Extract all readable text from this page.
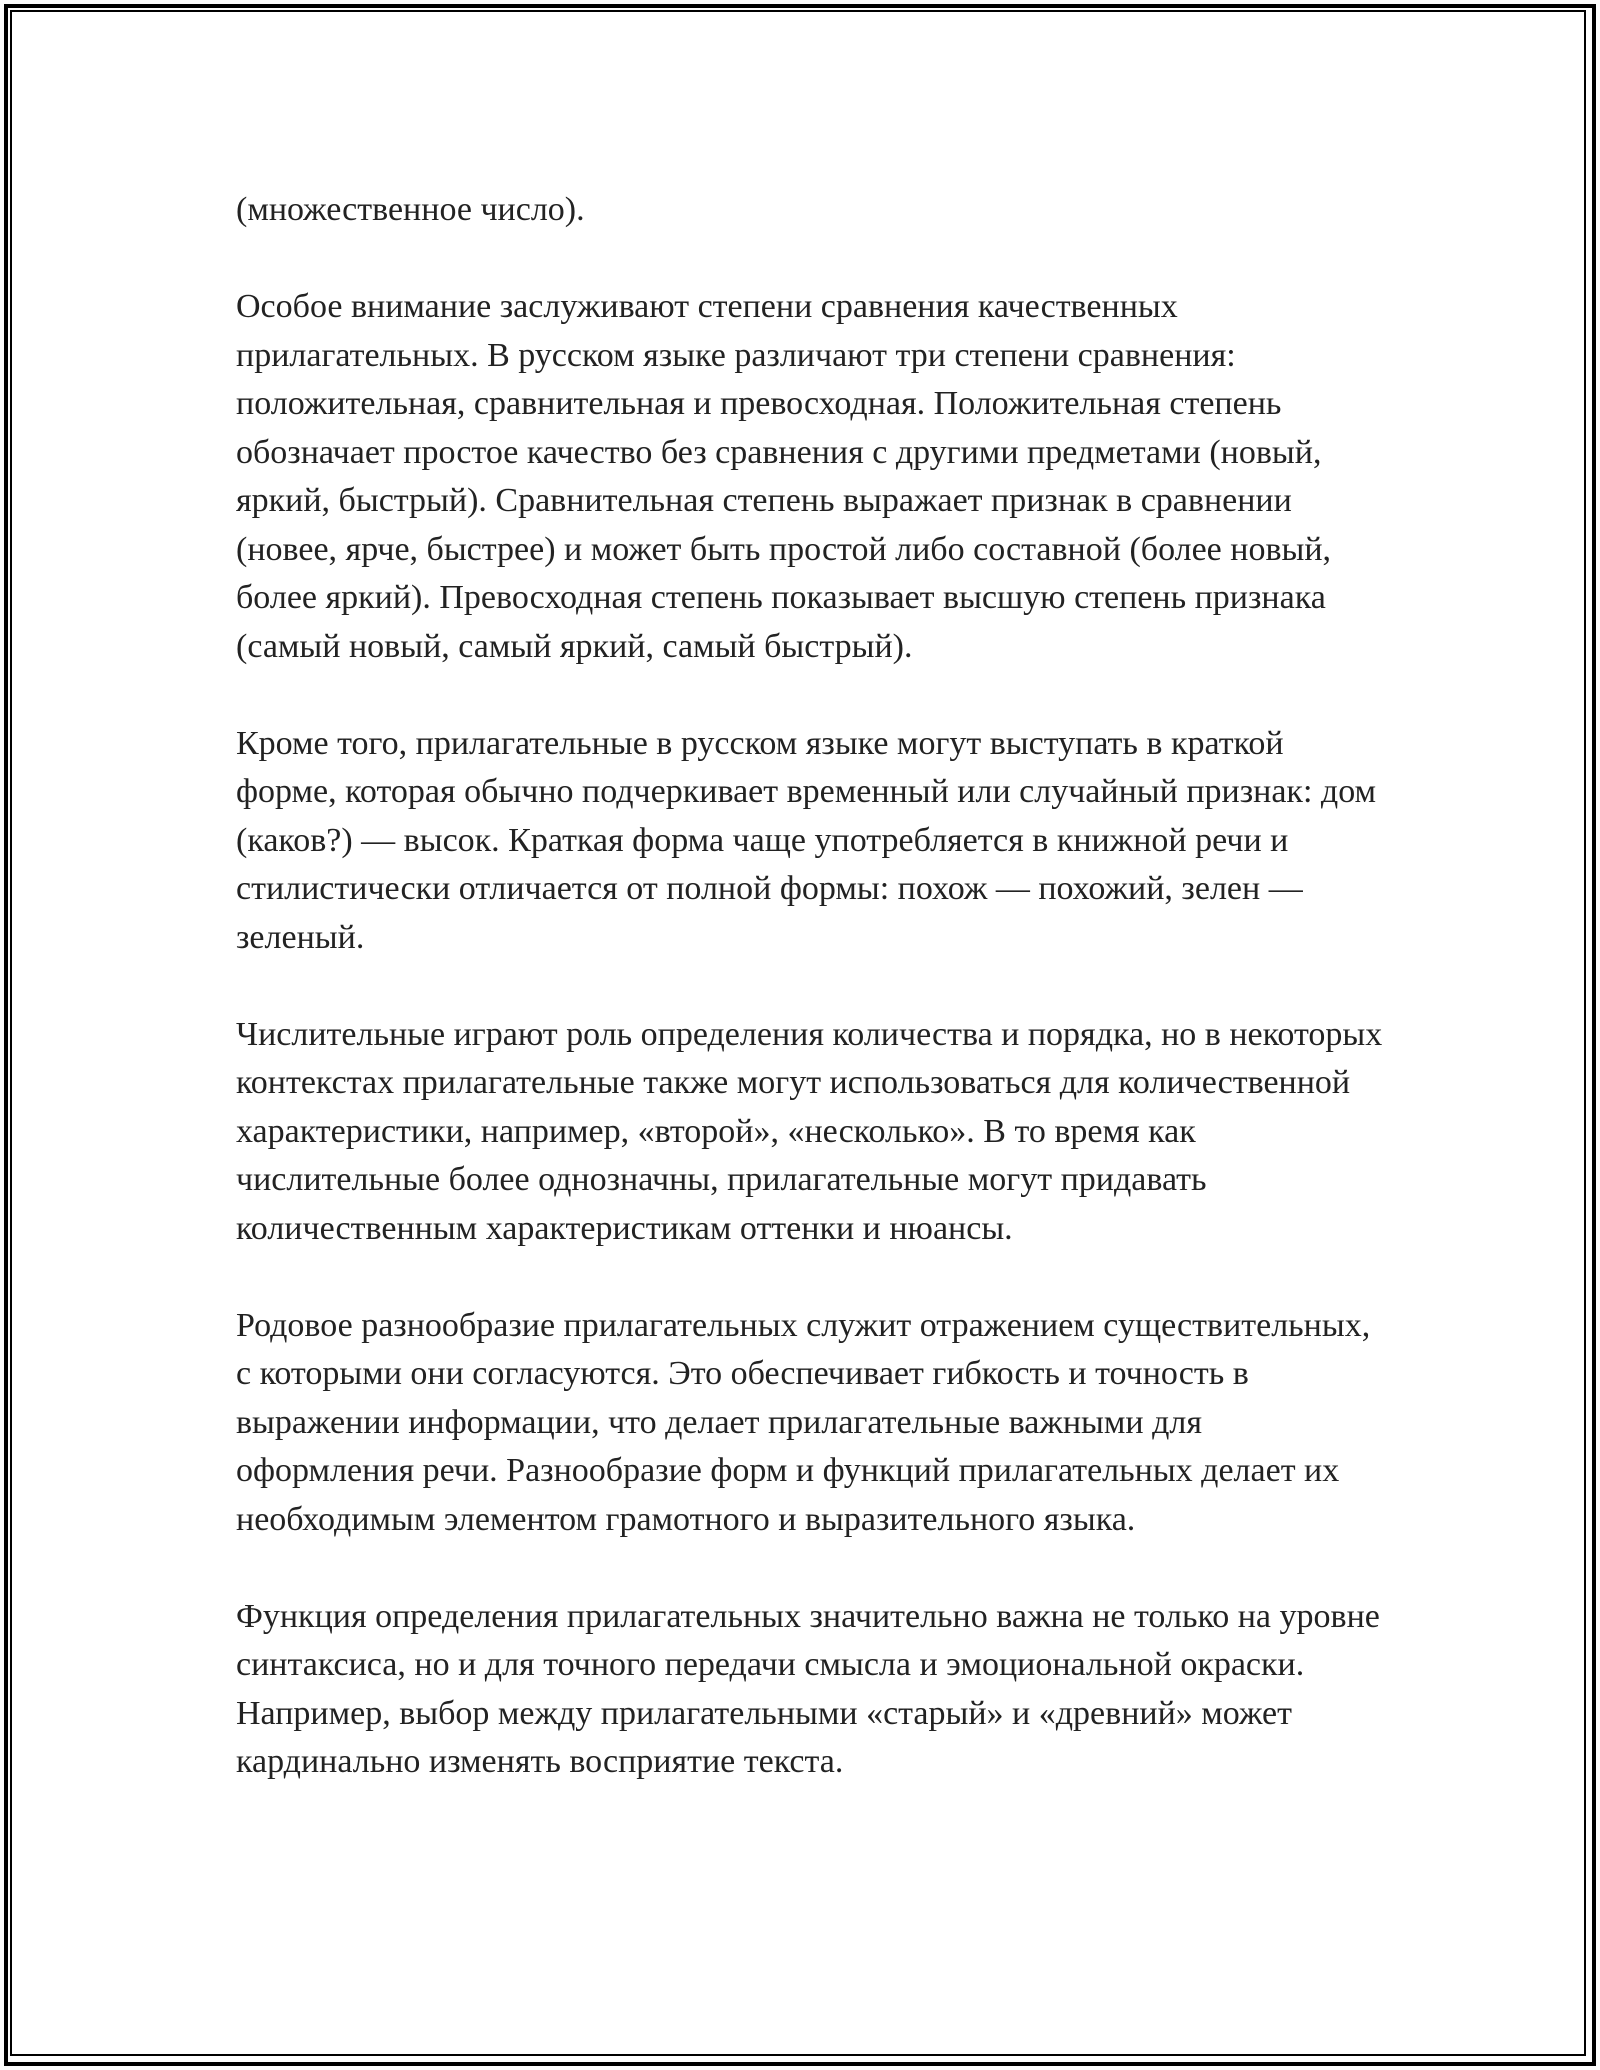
(множественное число).

Особое внимание заслуживают степени сравнения качественных прилагательных. В русском языке различают три степени сравнения: положительная, сравнительная и превосходная. Положительная степень обозначает простое качество без сравнения с другими предметами (новый, яркий, быстрый). Сравнительная степень выражает признак в сравнении (новее, ярче, быстрее) и может быть простой либо составной (более новый, более яркий). Превосходная степень показывает высшую степень признака (самый новый, самый яркий, самый быстрый).

Кроме того, прилагательные в русском языке могут выступать в краткой форме, которая обычно подчеркивает временный или случайный признак: дом (каков?) — высок. Краткая форма чаще употребляется в книжной речи и стилистически отличается от полной формы: похож — похожий, зелен — зеленый.

Числительные играют роль определения количества и порядка, но в некоторых контекстах прилагательные также могут использоваться для количественной характеристики, например, «второй», «несколько». В то время как числительные более однозначны, прилагательные могут придавать количественным характеристикам оттенки и нюансы.

Родовое разнообразие прилагательных служит отражением существительных, с которыми они согласуются. Это обеспечивает гибкость и точность в выражении информации, что делает прилагательные важными для оформления речи. Разнообразие форм и функций прилагательных делает их необходимым элементом грамотного и выразительного языка.

Функция определения прилагательных значительно важна не только на уровне синтаксиса, но и для точного передачи смысла и эмоциональной окраски. Например, выбор между прилагательными «старый» и «древний» может кардинально изменять восприятие текста.
